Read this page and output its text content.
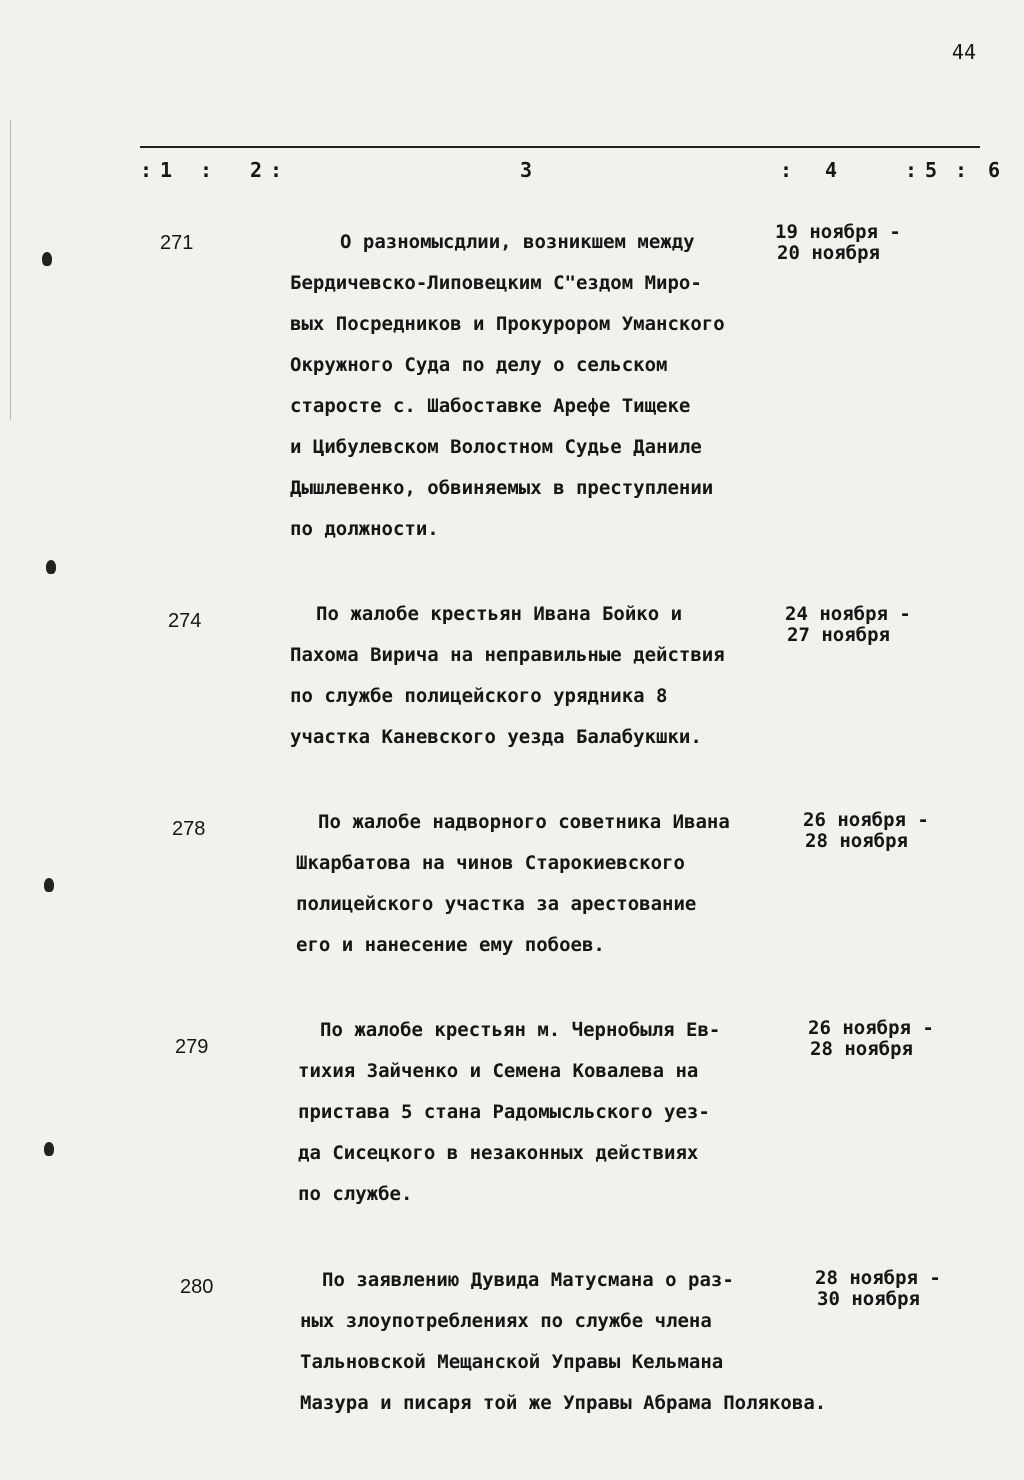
44
: 1 : 2 :	3	: 4	: 5 : 6
271	О разномысдлии, возникшем между
Бердичевско-Липовецким С"ездом Миро-
вых Посредников и Прокурором Уманского
Окружного Суда по делу о сельском
старосте с. Шабоставке Арефе Тищеке
и Цибулевском Волостном Судье Даниле
Дышлевенко, обвиняемых в преступлении
по должности.
19 ноября -
20 ноября
274	По жалобе крестьян Ивана Бойко и
Пахома Вирича на неправильные действия
по службе полицейского урядника 8
участка Каневского уезда Балабукшки.
24 ноября -
27 ноября
278	По жалобе надворного советника Ивана
Шкарбатова на чинов Старокиевского
полицейского участка за арестование
его и нанесение ему побоев.
26 ноября -
28 ноября
279
По жалобе крестьян м. Чернобыля Ев-
тихия Зайченко и Семена Ковалева на
пристава 5 стана Радомысльского уез-
да Сисецкого в незаконных действиях
по службе.
26 ноября -
28 ноября
280	По заявлению Дувида Матусмана о раз-
ных злоупотреблениях по службе члена
Тальновской Мещанской Управы Кельмана
Мазура и писаря той же Управы Абрама Полякова.
28 ноября -
30 ноября
